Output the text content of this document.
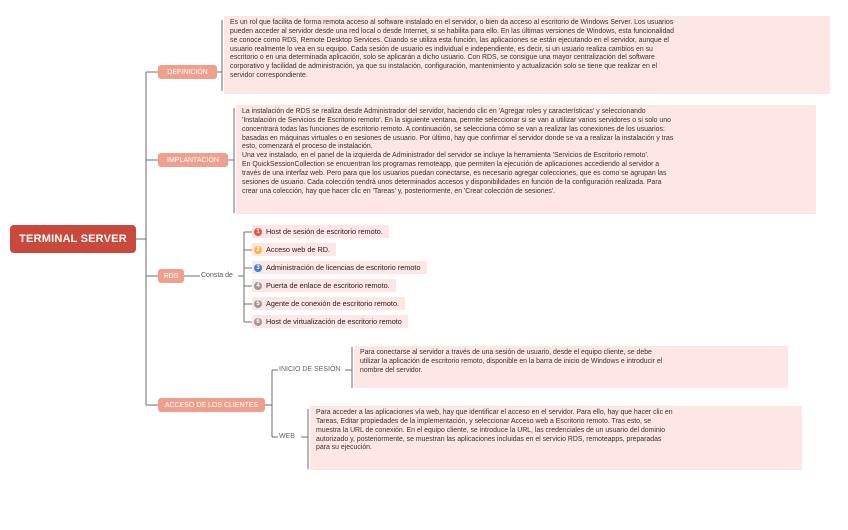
TERMINAL SERVER
DEFINICIÓN
Es un rol que facilita de forma remota acceso al software instalado en el servidor, o bien da acceso al escritorio de Windows Server. Los usuarios
pueden acceder al servidor desde una red local o desde Internet, si se habilita para ello. En las últimas versiones de Windows, esta funcionalidad
se conoce como RDS, Remote Desktop Services. Cuando se utiliza esta función, las aplicaciones se están ejecutando en el servidor, aunque el
usuario realmente lo vea en su equipo. Cada sesión de usuario es individual e independiente, es decir, si un usuario realiza cambios en su
escritorio o en una determinada aplicación, solo se aplicarán a dicho usuario. Con RDS, se consigue una mayor centralización del software
corporativo y facilidad de administración, ya que su instalación, configuración, mantenimiento y actualización solo se tiene que realizar en el
servidor correspondiente.
IMPLANTACIÓN
La instalación de RDS se realiza desde Administrador del servidor, haciendo clic en 'Agregar roles y características' y seleccionando
'Instalación de Servicios de Escritorio remoto'. En la siguiente ventana, permite seleccionar si se van a utilizar varios servidores o si solo uno
concentrará todas las funciones de escritorio remoto. A continuación, se selecciona cómo se van a realizar las conexiones de los usuarios:
basadas en máquinas virtuales o en sesiones de usuario. Por último, hay que confirmar el servidor donde se va a realizar la instalación y tras
esto, comenzará el proceso de instalación.
Una vez instalado, en el panel de la izquierda de Administrador del servidor se incluye la herramienta 'Servicios de Escritorio remoto'.
En QuickSessionCollection se encuentran los programas remoteapp, que permiten la ejecución de aplicaciones accediendo al servidor a
través de una interfaz web. Pero para que los usuarios puedan conectarse, es necesario agregar colecciones, que es como se agrupan las
sesiones de usuario. Cada colección tendrá unos determinados accesos y disponibilidades en función de la configuración realizada. Para
crear una colección, hay que hacer clic en 'Tareas' y, posteriormente, en 'Crear colección de sesiones'.
RDS	Consta de
1 Host de sesión de escritorio remoto.
2 Acceso web de RD.
3 Administración de licencias de escritorio remoto
4 Puerta de enlace de escritorio remoto.
5 Agente de conexión de escritorio remoto.
6 Host de virtualización de escritorio remoto
ACCESO DE LOS CLIENTES
INICIO DE SESIÓN
Para conectarse al servidor a través de una sesión de usuario, desde el equipo cliente, se debe
utilizar la aplicación de escritorio remoto, disponible en la barra de inicio de Windows e introducir el
nombre del servidor.
WEB
Para acceder a las aplicaciones vía web, hay que identificar el acceso en el servidor. Para ello, hay que hacer clic en
Tareas, Editar propiedades de la implementación, y seleccionar Acceso web a Escritorio remoto. Tras esto, se
muestra la URL de conexión. En el equipo cliente, se introduce la URL, las credenciales de un usuario del dominio
autorizado y, posteriormente, se muestran las aplicaciones incluidas en el servicio RDS, remoteapps, preparadas
para su ejecución.
